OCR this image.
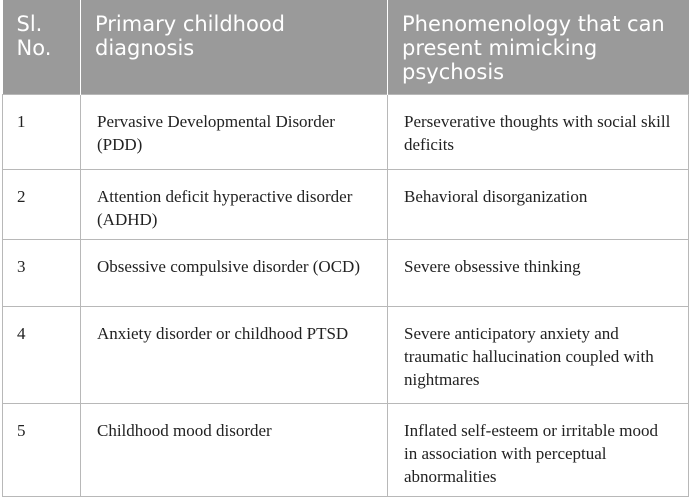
Sl. No.	Primary childhood diagnosis	Phenomenology that can present mimicking psychosis
1	Pervasive Developmental Disorder (PDD)	Perseverative thoughts with social skill deficits
2	Attention deficit hyperactive disorder (ADHD)	Behavioral disorganization
3	Obsessive compulsive disorder (OCD)	Severe obsessive thinking
4	Anxiety disorder or childhood PTSD	Severe anticipatory anxiety and traumatic hallucination coupled with nightmares
5	Childhood mood disorder	Inflated self-esteem or irritable mood in association with perceptual abnormalities
